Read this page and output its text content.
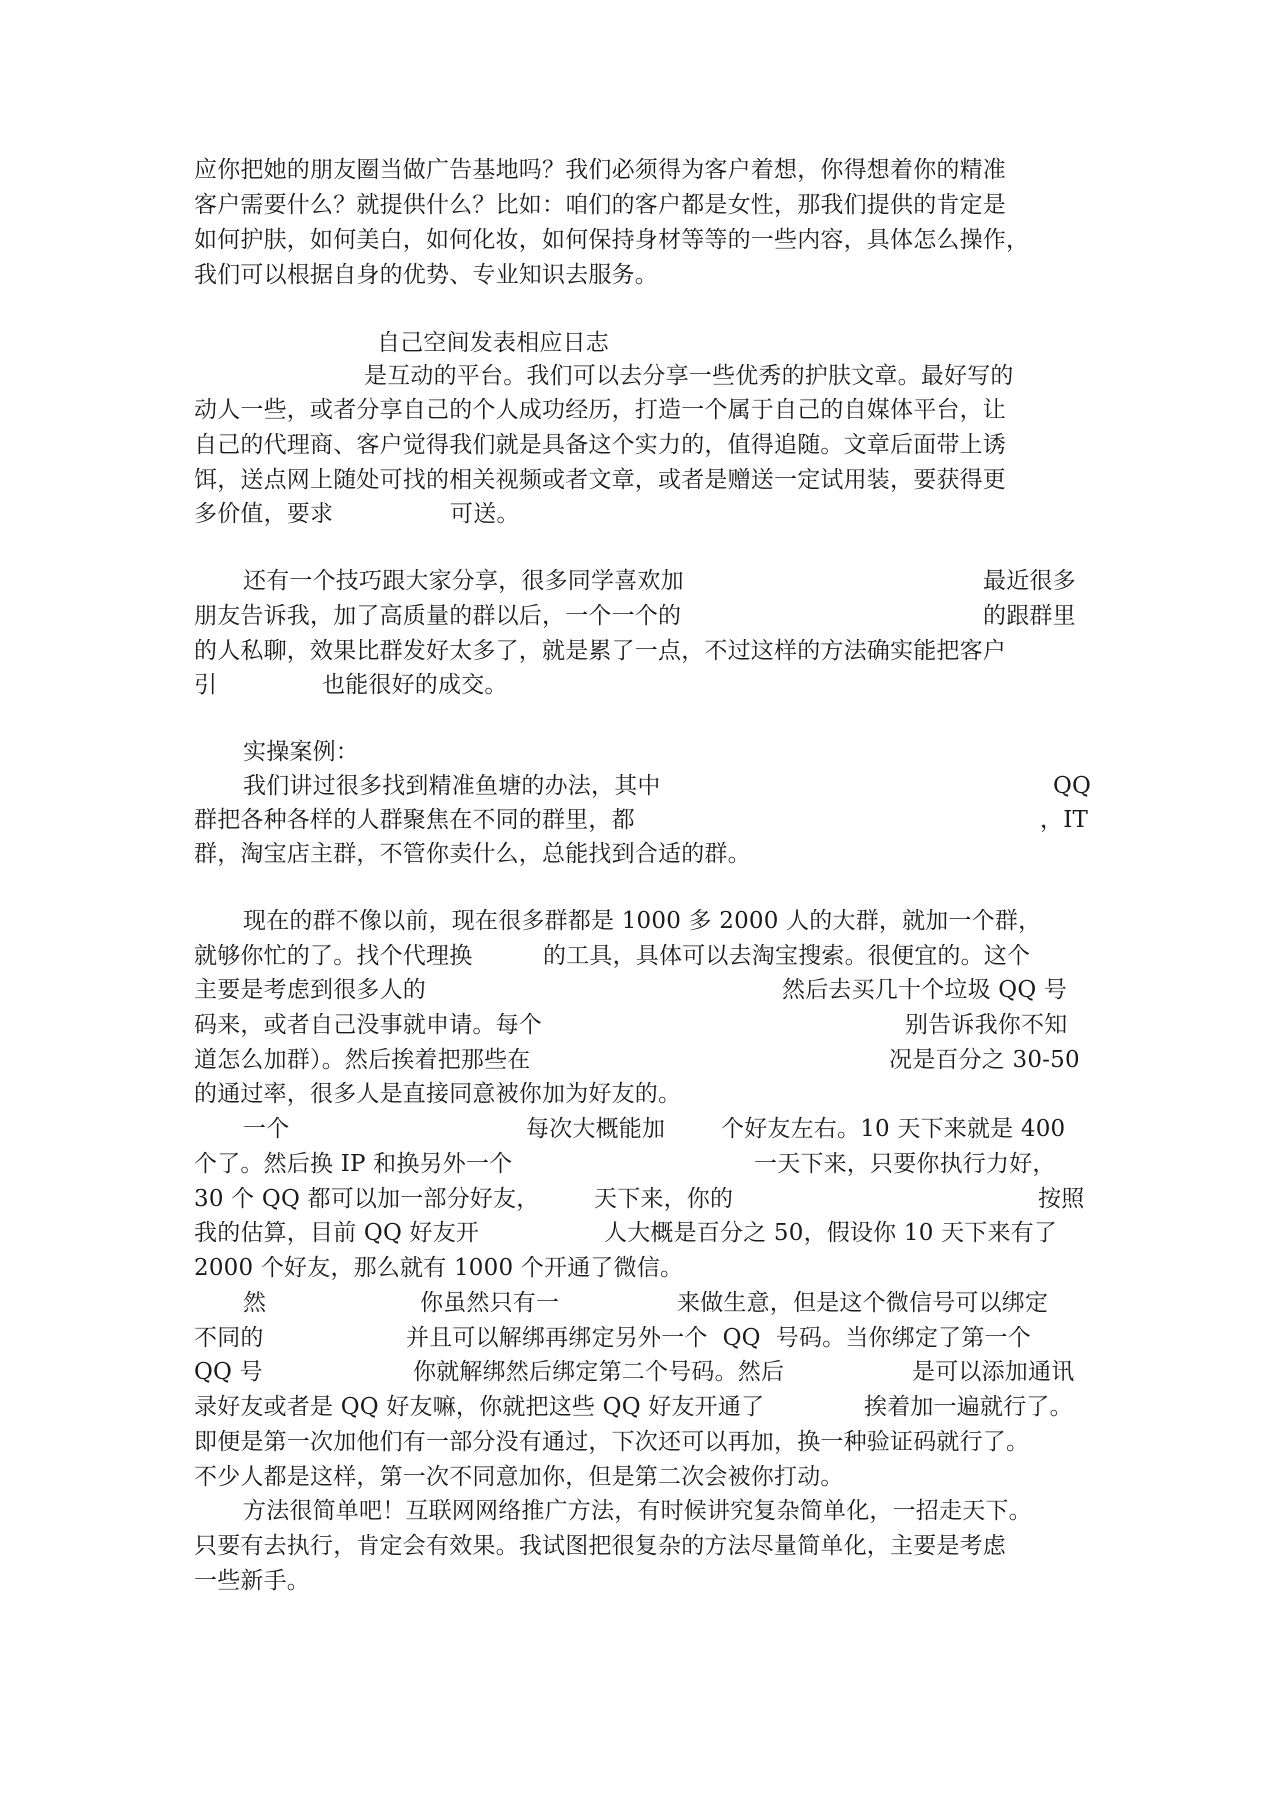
应你把她的朋友圈当做广告基地吗？我们必须得为客户着想，你得想着你的精准
客户需要什么？就提供什么？比如：咱们的客户都是女性，那我们提供的肯定是
如何护肤，如何美白，如何化妆，如何保持身材等等的一些内容，具体怎么操作，
我们可以根据自身的优势、专业知识去服务。
自己空间发表相应日志
是互动的平台。我们可以去分享一些优秀的护肤文章。最好写的
动人一些，或者分享自己的个人成功经历，打造一个属于自己的自媒体平台，让
自己的代理商、客户觉得我们就是具备这个实力的，值得追随。文章后面带上诱
饵，送点网上随处可找的相关视频或者文章，或者是赠送一定试用装，要获得更
多价值，要求	可送。
还有一个技巧跟大家分享，很多同学喜欢加	最近很多
朋友告诉我，加了高质量的群以后，一个一个的	的跟群里
的人私聊，效果比群发好太多了，就是累了一点，不过这样的方法确实能把客户
引	也能很好的成交。
实操案例：
我们讲过很多找到精准鱼塘的办法，其中	QQ
群把各种各样的人群聚焦在不同的群里，都	，IT
群，淘宝店主群，不管你卖什么，总能找到合适的群。
现在的群不像以前，现在很多群都是 1000 多 2000 人的大群，就加一个群，
就够你忙的了。找个代理换	的工具，具体可以去淘宝搜索。很便宜的。这个
主要是考虑到很多人的	然后去买几十个垃圾 QQ 号
码来，或者自己没事就申请。每个	别告诉我你不知
道怎么加群）。然后挨着把那些在	况是百分之 30-50
的通过率，很多人是直接同意被你加为好友的。
一个	每次大概能加 个好友左右。10 天下来就是 400
个了。然后换 IP 和换另外一个	一天下来，只要你执行力好，
30 个 QQ 都可以加一部分好友， 天下来，你的	按照
我的估算，目前 QQ 好友开	人大概是百分之 50，假设你 10 天下来有了
2000 个好友，那么就有 1000 个开通了微信。
然	你虽然只有一	来做生意，但是这个微信号可以绑定
不同的	并且可以解绑再绑定另外一个  QQ  号码。当你绑定了第一个
QQ 号	你就解绑然后绑定第二个号码。然后	是可以添加通讯
录好友或者是 QQ 好友嘛，你就把这些 QQ 好友开通了	挨着加一遍就行了。
即便是第一次加他们有一部分没有通过，下次还可以再加，换一种验证码就行了。
不少人都是这样，第一次不同意加你，但是第二次会被你打动。
方法很简单吧！互联网网络推广方法，有时候讲究复杂简单化，一招走天下。
只要有去执行，肯定会有效果。我试图把很复杂的方法尽量简单化，主要是考虑
一些新手。
